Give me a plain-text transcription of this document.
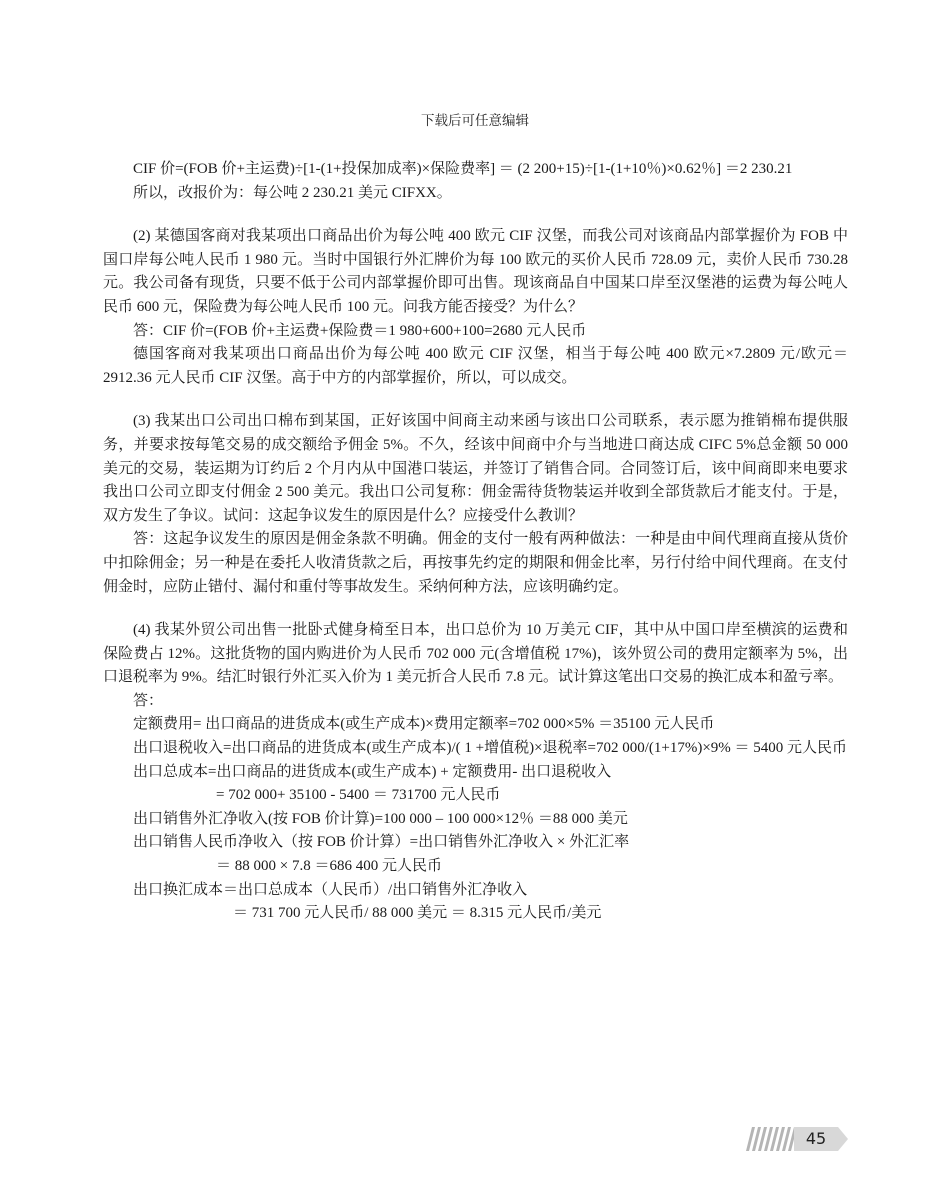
下载后可任意编辑

CIF 价=(FOB 价+主运费)÷[1-(1+投保加成率)×保险费率] ＝ (2 200+15)÷[1-(1+10％)×0.62％] ＝2 230.21

所以，改报价为：每公吨 2 230.21 美元 CIFXX。

(2) 某德国客商对我某项出口商品出价为每公吨 400 欧元 CIF 汉堡，而我公司对该商品内部掌握价为 FOB 中国口岸每公吨人民币 1 980 元。当时中国银行外汇牌价为每 100 欧元的买价人民币 728.09 元，卖价人民币 730.28 元。我公司备有现货，只要不低于公司内部掌握价即可出售。现该商品自中国某口岸至汉堡港的运费为每公吨人民币 600 元，保险费为每公吨人民币 100 元。问我方能否接受？为什么？

答：CIF 价=(FOB 价+主运费+保险费＝1 980+600+100=2680 元人民币

德国客商对我某项出口商品出价为每公吨 400 欧元 CIF 汉堡，相当于每公吨 400 欧元×7.2809 元/欧元＝2912.36 元人民币 CIF 汉堡。高于中方的内部掌握价，所以，可以成交。

(3) 我某出口公司出口棉布到某国，正好该国中间商主动来函与该出口公司联系，表示愿为推销棉布提供服务，并要求按每笔交易的成交额给予佣金 5%。不久，经该中间商中介与当地进口商达成 CIFC 5%总金额 50 000 美元的交易，装运期为订约后 2 个月内从中国港口装运，并签订了销售合同。合同签订后，该中间商即来电要求我出口公司立即支付佣金 2 500 美元。我出口公司复称：佣金需待货物装运并收到全部货款后才能支付。于是，双方发生了争议。试问：这起争议发生的原因是什么？应接受什么教训？

答：这起争议发生的原因是佣金条款不明确。佣金的支付一般有两种做法：一种是由中间代理商直接从货价中扣除佣金；另一种是在委托人收清货款之后，再按事先约定的期限和佣金比率，另行付给中间代理商。在支付佣金时，应防止错付、漏付和重付等事故发生。采纳何种方法，应该明确约定。

(4) 我某外贸公司出售一批卧式健身椅至日本，出口总价为 10 万美元 CIF，其中从中国口岸至横滨的运费和保险费占 12%。这批货物的国内购进价为人民币 702 000 元(含增值税 17%)，该外贸公司的费用定额率为 5%，出口退税率为 9%。结汇时银行外汇买入价为 1 美元折合人民币 7.8 元。试计算这笔出口交易的换汇成本和盈亏率。

答：

定额费用= 出口商品的进货成本(或生产成本)×费用定额率=702 000×5% ＝35100 元人民币

出口退税收入=出口商品的进货成本(或生产成本)/( 1 +增值税)×退税率=702 000/(1+17%)×9% ＝ 5400 元人民币

出口总成本=出口商品的进货成本(或生产成本) + 定额费用- 出口退税收入

= 702 000+ 35100 - 5400 ＝ 731700 元人民币

出口销售外汇净收入(按 FOB 价计算)=100 000 – 100 000×12％ ＝88 000 美元

出口销售人民币净收入（按 FOB 价计算）=出口销售外汇净收入 × 外汇汇率

＝ 88 000 × 7.8 ＝686 400 元人民币

出口换汇成本＝出口总成本（人民币）/出口销售外汇净收入

＝ 731 700 元人民币/ 88 000 美元 ＝ 8.315 元人民币/美元

45
